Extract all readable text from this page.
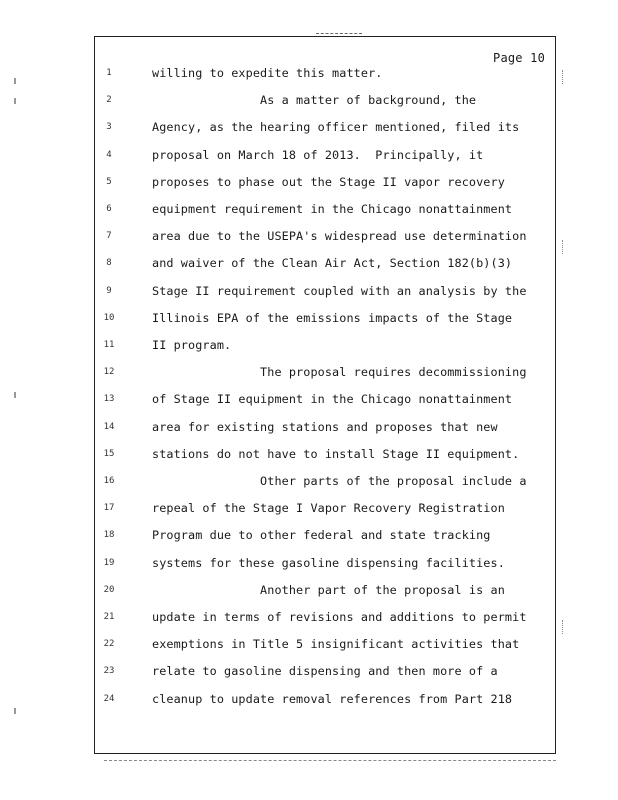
Page 10
1
2
3
4
5
6
7
8
9
10
11
12
13
14
15
16
17
18
19
20
21
22
23
24
willing to expedite this matter.
As a matter of background, the
Agency, as the hearing officer mentioned, filed its
proposal on March 18 of 2013.  Principally, it
proposes to phase out the Stage II vapor recovery
equipment requirement in the Chicago nonattainment
area due to the USEPA's widespread use determination
and waiver of the Clean Air Act, Section 182(b)(3)
Stage II requirement coupled with an analysis by the
Illinois EPA of the emissions impacts of the Stage
II program.
The proposal requires decommissioning
of Stage II equipment in the Chicago nonattainment
area for existing stations and proposes that new
stations do not have to install Stage II equipment.
Other parts of the proposal include a
repeal of the Stage I Vapor Recovery Registration
Program due to other federal and state tracking
systems for these gasoline dispensing facilities.
Another part of the proposal is an
update in terms of revisions and additions to permit
exemptions in Title 5 insignificant activities that
relate to gasoline dispensing and then more of a
cleanup to update removal references from Part 218
